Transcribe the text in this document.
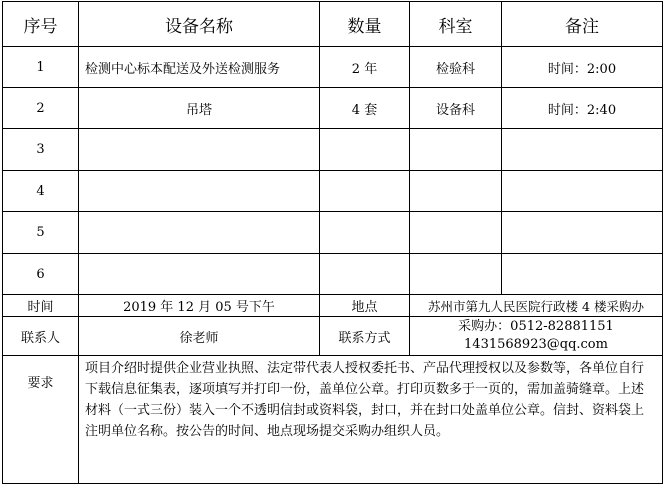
序号	设备名称	数量	科室	备注
1	检测中心标本配送及外送检测服务	2 年	检验科	时间：2:00
2	吊塔	4 套	设备科	时间：2:40
3				
4				
5				
6				
时间	2019 年 12 月 05 号下午	地点	苏州市第九人民医院行政楼 4 楼采购办	
联系人	徐老师	联系方式	采购办：0512-82881151
1431568923@qq.com	

要求	项目介绍时提供企业营业执照、法定带代表人授权委托书、产品代理授权以及参数等，各单位自行下载信息征集表，逐项填写并打印一份，盖单位公章。打印页数多于一页的，需加盖骑缝章。上述材料（一式三份）装入一个不透明信封或资料袋，封口，并在封口处盖单位公章。信封、资料袋上注明单位名称。按公告的时间、地点现场提交采购办组织人员。			
